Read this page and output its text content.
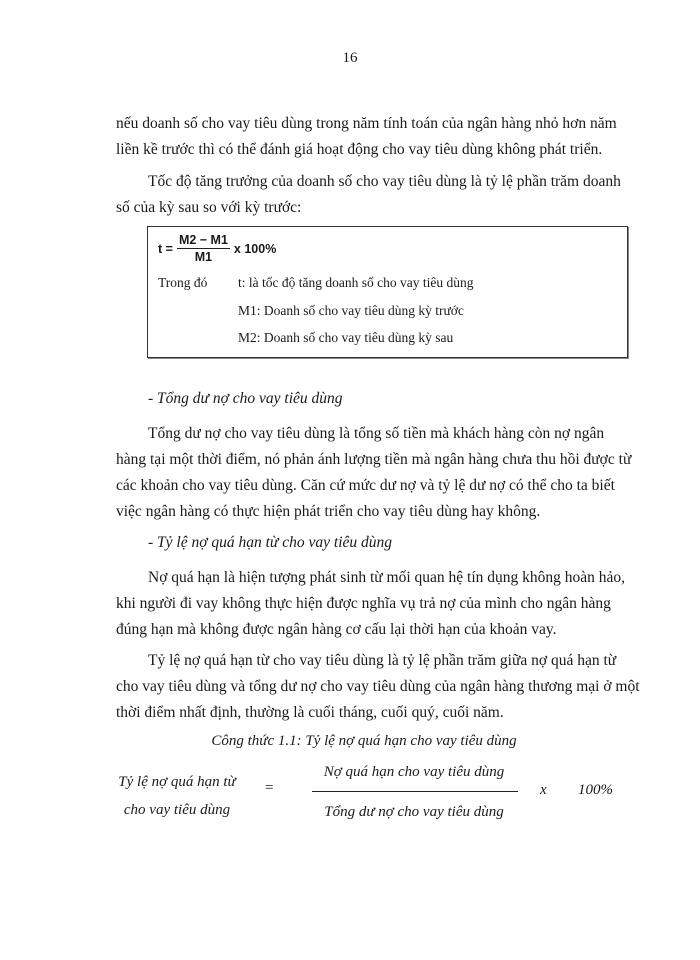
16
nếu doanh số cho vay tiêu dùng trong năm tính toán của ngân hàng nhỏ hơn năm
liền kề trước thì có thể đánh giá hoạt động cho vay tiêu dùng không phát triển.
Tốc độ tăng trưởng của doanh số cho vay tiêu dùng là tỷ lệ phần trăm doanh
số của kỳ sau so với kỳ trước:
$t = \frac{M2 - M1}{M1}$ x 100%
Trong đó t: là tốc độ tăng doanh số cho vay tiêu dùng
M1: Doanh số cho vay tiêu dùng kỳ trước
M2: Doanh số cho vay tiêu dùng kỳ sau
- Tổng dư nợ cho vay tiêu dùng
Tổng dư nợ cho vay tiêu dùng là tổng số tiền mà khách hàng còn nợ ngân
hàng tại một thời điểm, nó phản ánh lượng tiền mà ngân hàng chưa thu hồi được từ
các khoản cho vay tiêu dùng. Căn cứ mức dư nợ và tỷ lệ dư nợ có thể cho ta biết
việc ngân hàng có thực hiện phát triển cho vay tiêu dùng hay không.
- Tỷ lệ nợ quá hạn từ cho vay tiêu dùng
Nợ quá hạn là hiện tượng phát sinh từ mối quan hệ tín dụng không hoàn hảo,
khi người đi vay không thực hiện được nghĩa vụ trả nợ của mình cho ngân hàng
đúng hạn mà không được ngân hàng cơ cấu lại thời hạn của khoản vay.
Tỷ lệ nợ quá hạn từ cho vay tiêu dùng là tỷ lệ phần trăm giữa nợ quá hạn từ
cho vay tiêu dùng và tổng dư nợ cho vay tiêu dùng của ngân hàng thương mại ở một
thời điểm nhất định, thường là cuối tháng, cuối quý, cuối năm.
Công thức 1.1: Tỷ lệ nợ quá hạn cho vay tiêu dùng
Tỷ lệ nợ quá hạn từ
cho vay tiêu dùng
=
Nợ quá hạn cho vay tiêu dùng
Tổng dư nợ cho vay tiêu dùng
x 100%
